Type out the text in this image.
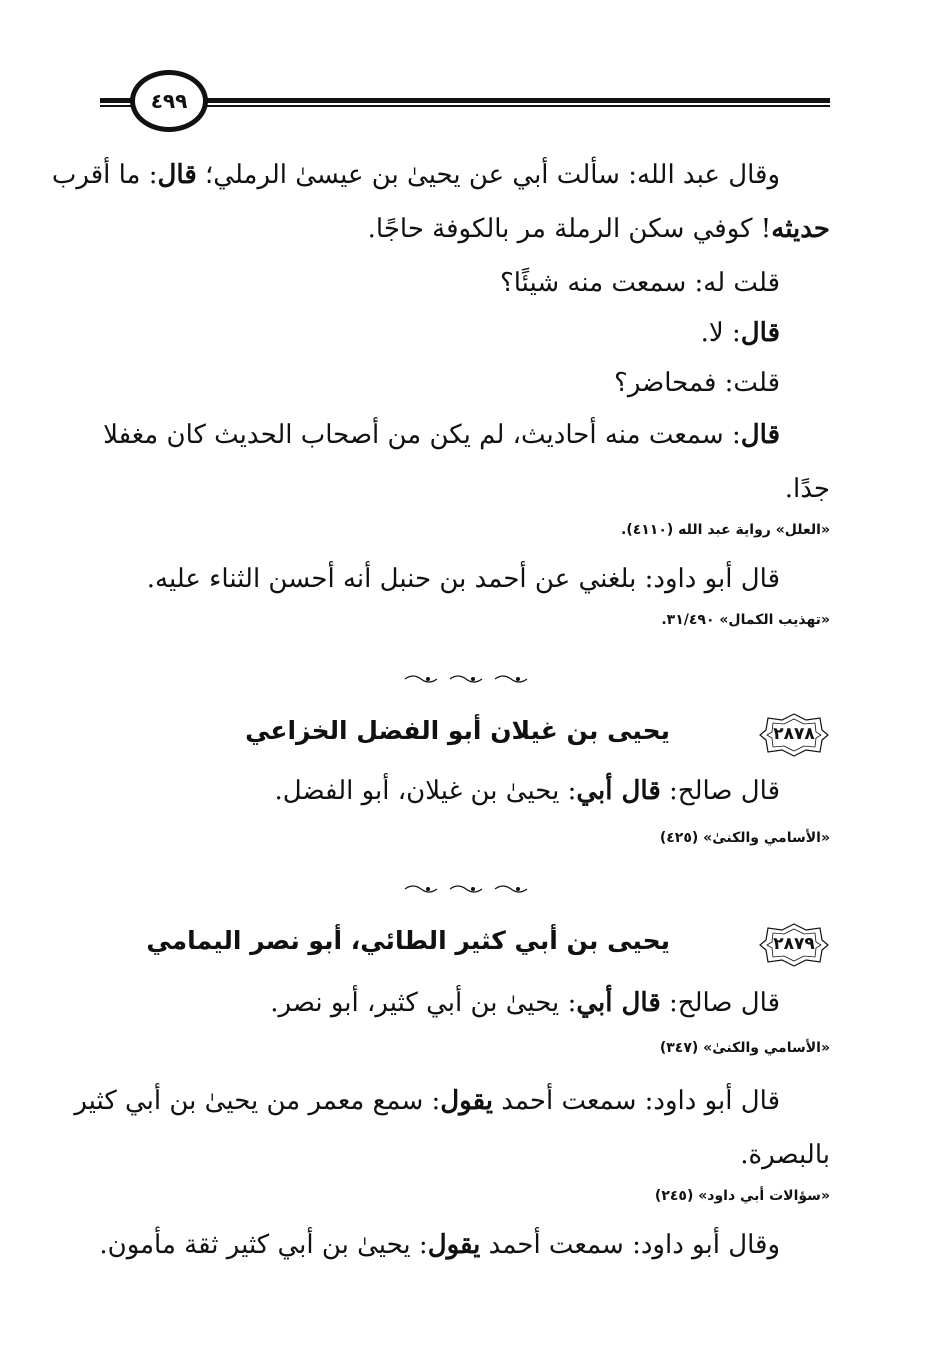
٤٩٩
وقال عبد الله: سألت أبي عن يحيىٰ بن عيسىٰ الرملي؛ قال: ما أقرب
حديثه! كوفي سكن الرملة مر بالكوفة حاجًا.
قلت له: سمعت منه شيئًا؟
قال: لا.
قلت: فمحاضر؟
قال: سمعت منه أحاديث، لم يكن من أصحاب الحديث كان مغفلا
جدًا.
«العلل» رواية عبد الله (٤١١٠).
قال أبو داود: بلغني عن أحمد بن حنبل أنه أحسن الثناء عليه.
«تهذيب الكمال» ٣١/٤٩٠.
٢٨٧٨
يحيى بن غيلان أبو الفضل الخزاعي
قال صالح: قال أبي: يحيىٰ بن غيلان، أبو الفضل.
«الأسامي والكنىٰ» (٤٢٥)
٢٨٧٩
يحيى بن أبي كثير الطائي، أبو نصر اليمامي
قال صالح: قال أبي: يحيىٰ بن أبي كثير، أبو نصر.
«الأسامي والكنىٰ» (٣٤٧)
قال أبو داود: سمعت أحمد يقول: سمع معمر من يحيىٰ بن أبي كثير
بالبصرة.
«سؤالات أبي داود» (٢٤٥)
وقال أبو داود: سمعت أحمد يقول: يحيىٰ بن أبي كثير ثقة مأمون.
